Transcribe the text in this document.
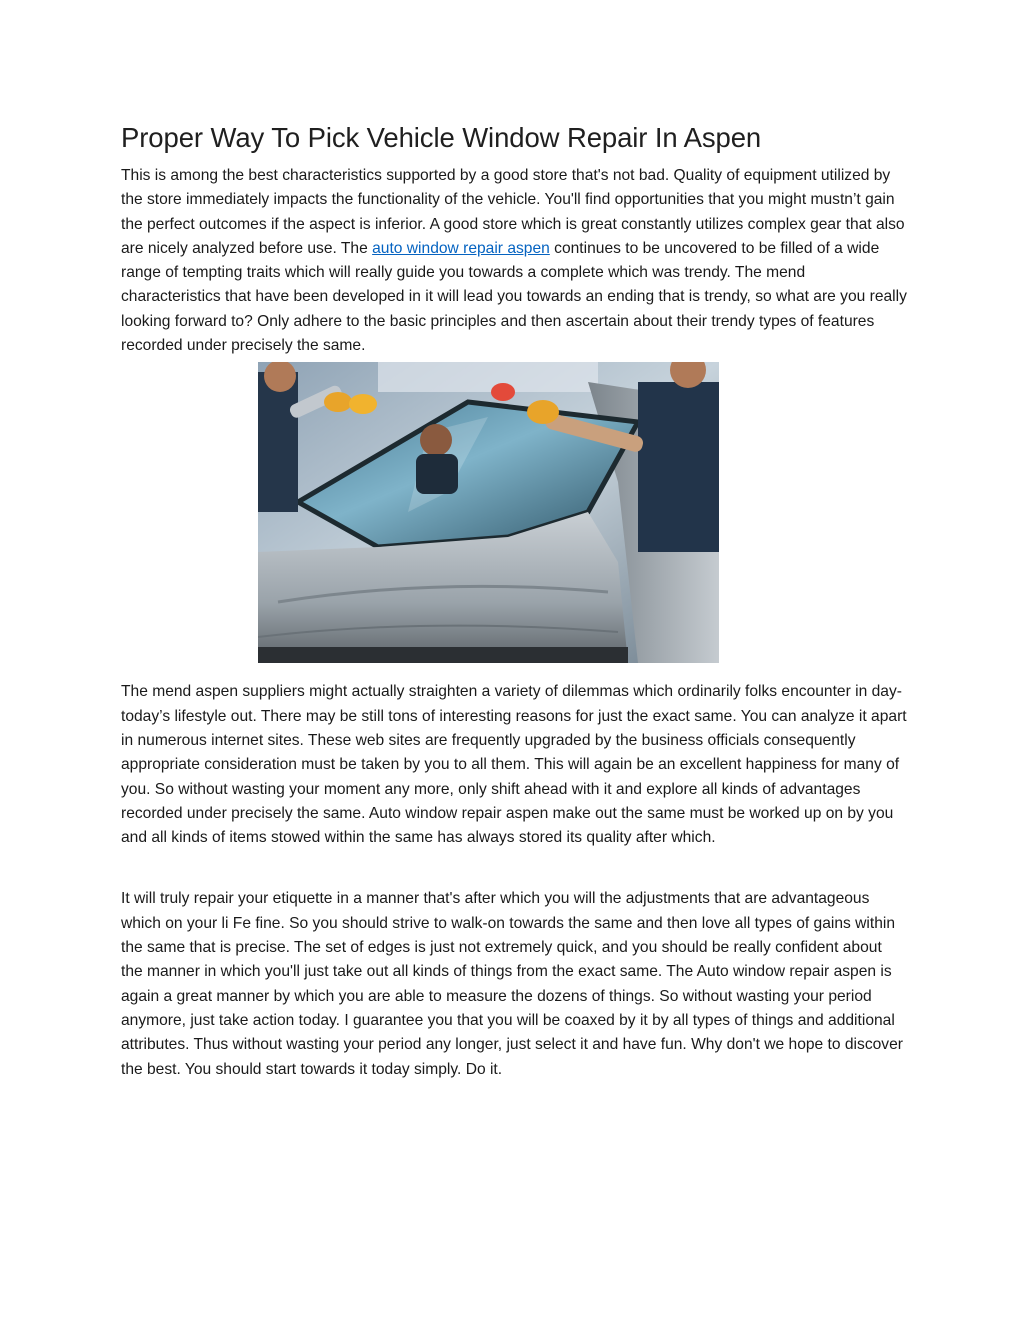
Proper Way To Pick Vehicle Window Repair In Aspen

This is among the best characteristics supported by a good store that's not bad. Quality of equipment utilized by the store immediately impacts the functionality of the vehicle. You'll find opportunities that you might mustn’t gain the perfect outcomes if the aspect is inferior. A good store which is great constantly utilizes complex gear that also are nicely analyzed before use. The auto window repair aspen continues to be uncovered to be filled of a wide range of tempting traits which will really guide you towards a complete which was trendy. The mend characteristics that have been developed in it will lead you towards an ending that is trendy, so what are you really looking forward to? Only adhere to the basic principles and then ascertain about their trendy types of features recorded under precisely the same.

The mend aspen suppliers might actually straighten a variety of dilemmas which ordinarily folks encounter in day-today’s lifestyle out. There may be still tons of interesting reasons for just the exact same. You can analyze it apart in numerous internet sites. These web sites are frequently upgraded by the business officials consequently appropriate consideration must be taken by you to all them. This will again be an excellent happiness for many of you. So without wasting your moment any more, only shift ahead with it and explore all kinds of advantages recorded under precisely the same. Auto window repair aspen make out the same must be worked up on by you and all kinds of items stowed within the same has always stored its quality after which.

It will truly repair your etiquette in a manner that's after which you will the adjustments that are advantageous which on your li Fe fine. So you should strive to walk-on towards the same and then love all types of gains within the same that is precise. The set of edges is just not extremely quick, and you should be really confident about the manner in which you'll just take out all kinds of things from the exact same. The Auto window repair aspen is again a great manner by which you are able to measure the dozens of things. So without wasting your period anymore, just take action today. I guarantee you that you will be coaxed by it by all types of things and additional attributes. Thus without wasting your period any longer, just select it and have fun. Why don't we hope to discover the best. You should start towards it today simply. Do it.
